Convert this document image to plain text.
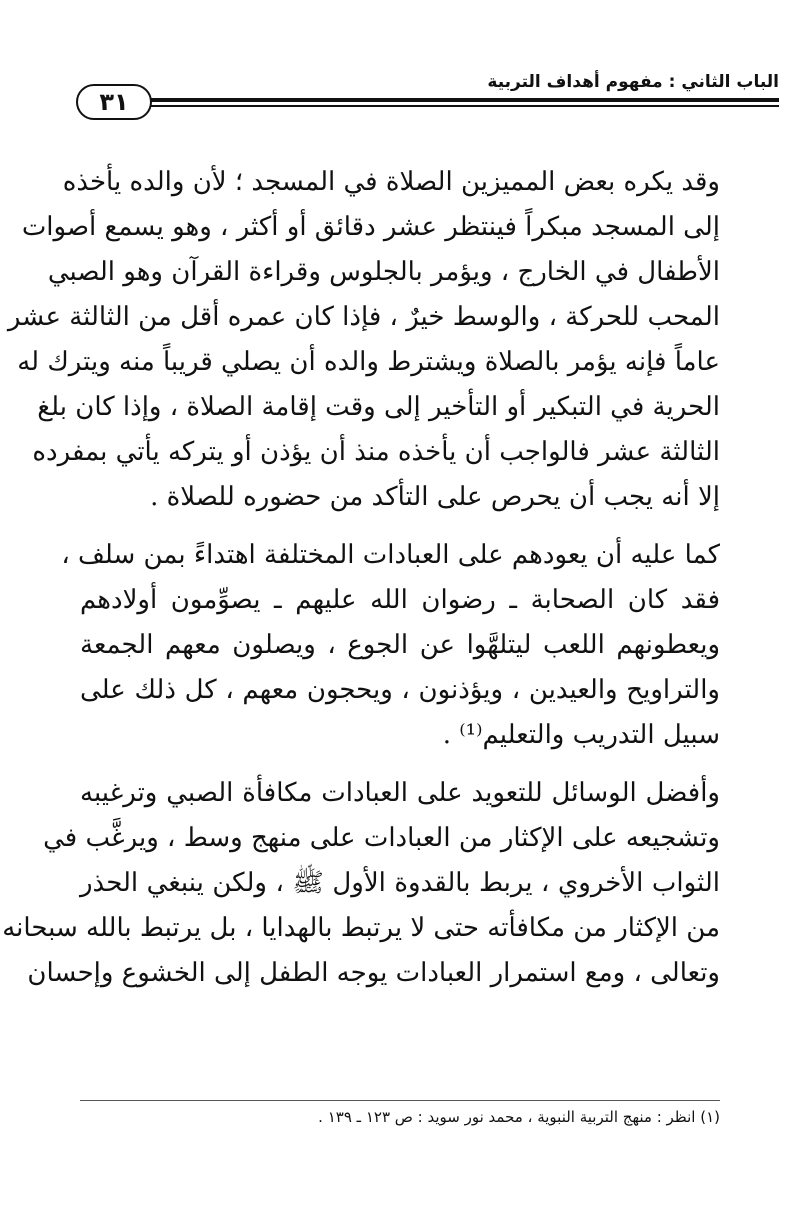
٣١
الباب الثاني : مفهوم أهداف التربية
وقد يكره بعض المميزين الصلاة في المسجد ؛ لأن والده يأخذه
إلى المسجد مبكراً فينتظر عشر دقائق أو أكثر ، وهو يسمع أصوات
الأطفال في الخارج ، ويؤمر بالجلوس وقراءة القرآن وهو الصبي
المحب للحركة ، والوسط خيرٌ ، فإذا كان عمره أقل من الثالثة عشر
عاماً فإنه يؤمر بالصلاة ويشترط والده أن يصلي قريباً منه ويترك له
الحرية في التبكير أو التأخير إلى وقت إقامة الصلاة ، وإذا كان بلغ
الثالثة عشر فالواجب أن يأخذه منذ أن يؤذن أو يتركه يأتي بمفرده
إلا أنه يجب أن يحرص على التأكد من حضوره للصلاة .
كما عليه أن يعودهم على العبادات المختلفة اهتداءً بمن سلف ،
فقد كان الصحابة ـ رضوان الله عليهم ـ يصوِّمون أولادهم
ويعطونهم اللعب ليتلهَّوا عن الجوع ، ويصلون معهم الجمعة
والتراويح والعيدين ، ويؤذنون ، ويحجون معهم ، كل ذلك على
سبيل التدريب والتعليم⁽¹⁾ .
وأفضل الوسائل للتعويد على العبادات مكافأة الصبي وترغيبه
وتشجيعه على الإكثار من العبادات على منهج وسط ، ويرغَّب في
الثواب الأخروي ، يربط بالقدوة الأول ﷺ ، ولكن ينبغي الحذر
من الإكثار من مكافأته حتى لا يرتبط بالهدايا ، بل يرتبط بالله سبحانه
وتعالى ، ومع استمرار العبادات يوجه الطفل إلى الخشوع وإحسان
(١) انظر : منهج التربية النبوية ، محمد نور سويد : ص ١٢٣ ـ ١٣٩ .
